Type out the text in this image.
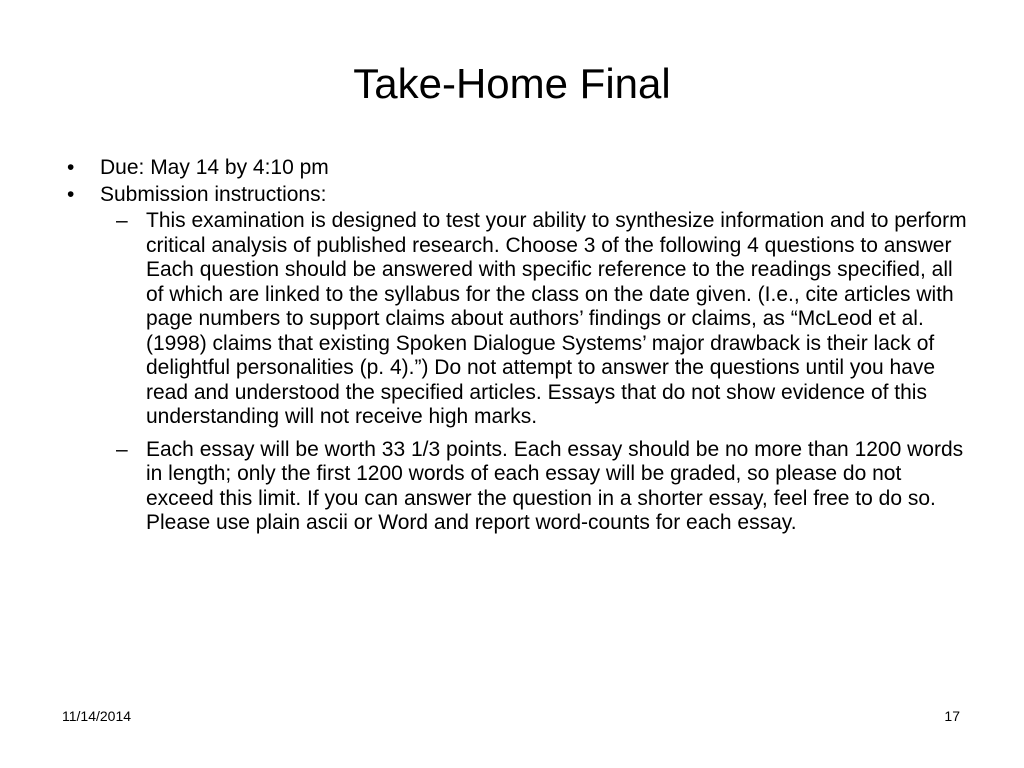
Take-Home Final
• Due: May 14 by 4:10 pm
• Submission instructions:
– This examination is designed to test your ability to synthesize information and to perform critical analysis of published research. Choose 3 of the following 4 questions to answer Each question should be answered with specific reference to the readings specified, all of which are linked to the syllabus for the class on the date given. (I.e., cite articles with page numbers to support claims about authors’ findings or claims, as “McLeod et al. (1998) claims that existing Spoken Dialogue Systems’ major drawback is their lack of delightful personalities (p. 4).”) Do not attempt to answer the questions until you have read and understood the specified articles. Essays that do not show evidence of this understanding will not receive high marks.
– Each essay will be worth 33 1/3 points. Each essay should be no more than 1200 words in length; only the first 1200 words of each essay will be graded, so please do not exceed this limit. If you can answer the question in a shorter essay, feel free to do so. Please use plain ascii or Word and report word-counts for each essay.
11/14/2014	17
